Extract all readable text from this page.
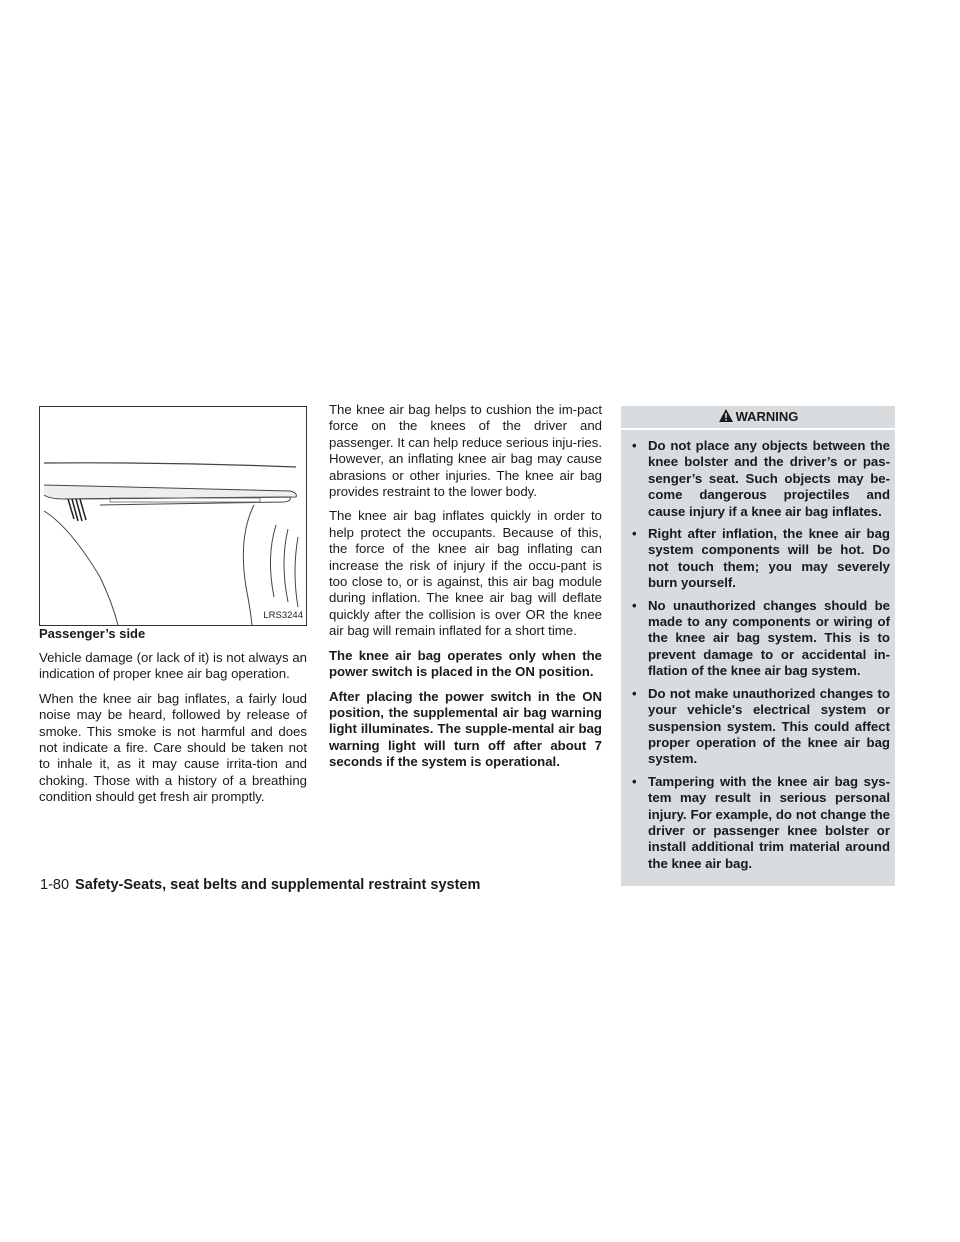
LRS3244

Passenger’s side

Vehicle damage (or lack of it) is not always an indication of proper knee air bag operation.

When the knee air bag inflates, a fairly loud noise may be heard, followed by release of smoke. This smoke is not harmful and does not indicate a fire. Care should be taken not to inhale it, as it may cause irrita-tion and choking. Those with a history of a breathing condition should get fresh air promptly.

The knee air bag helps to cushion the im-pact force on the knees of the driver and passenger. It can help reduce serious inju-ries. However, an inflating knee air bag may cause abrasions or other injuries. The knee air bag provides restraint to the lower body.

The knee air bag inflates quickly in order to help protect the occupants. Because of this, the force of the knee air bag inflating can increase the risk of injury if the occu-pant is too close to, or is against, this air bag module during inflation. The knee air bag will deflate quickly after the collision is over OR the knee air bag will remain inflated for a short time.

The knee air bag operates only when the power switch is placed in the ON position.

After placing the power switch in the ON position, the supplemental air bag warning light illuminates. The supple-mental air bag warning light will turn off after about 7 seconds if the system is operational.

WARNING
• Do not place any objects between the knee bolster and the driver’s or pas-senger’s seat. Such objects may be-come dangerous projectiles and cause injury if a knee air bag inflates.
• Right after inflation, the knee air bag system components will be hot. Do not touch them; you may severely burn yourself.
• No unauthorized changes should be made to any components or wiring of the knee air bag system. This is to prevent damage to or accidental in-flation of the knee air bag system.
• Do not make unauthorized changes to your vehicle's electrical system or suspension system. This could affect proper operation of the knee air bag system.
• Tampering with the knee air bag sys-tem may result in serious personal injury. For example, do not change the driver or passenger knee bolster or install additional trim material around the knee air bag.
1-80 Safety-Seats, seat belts and supplemental restraint system
